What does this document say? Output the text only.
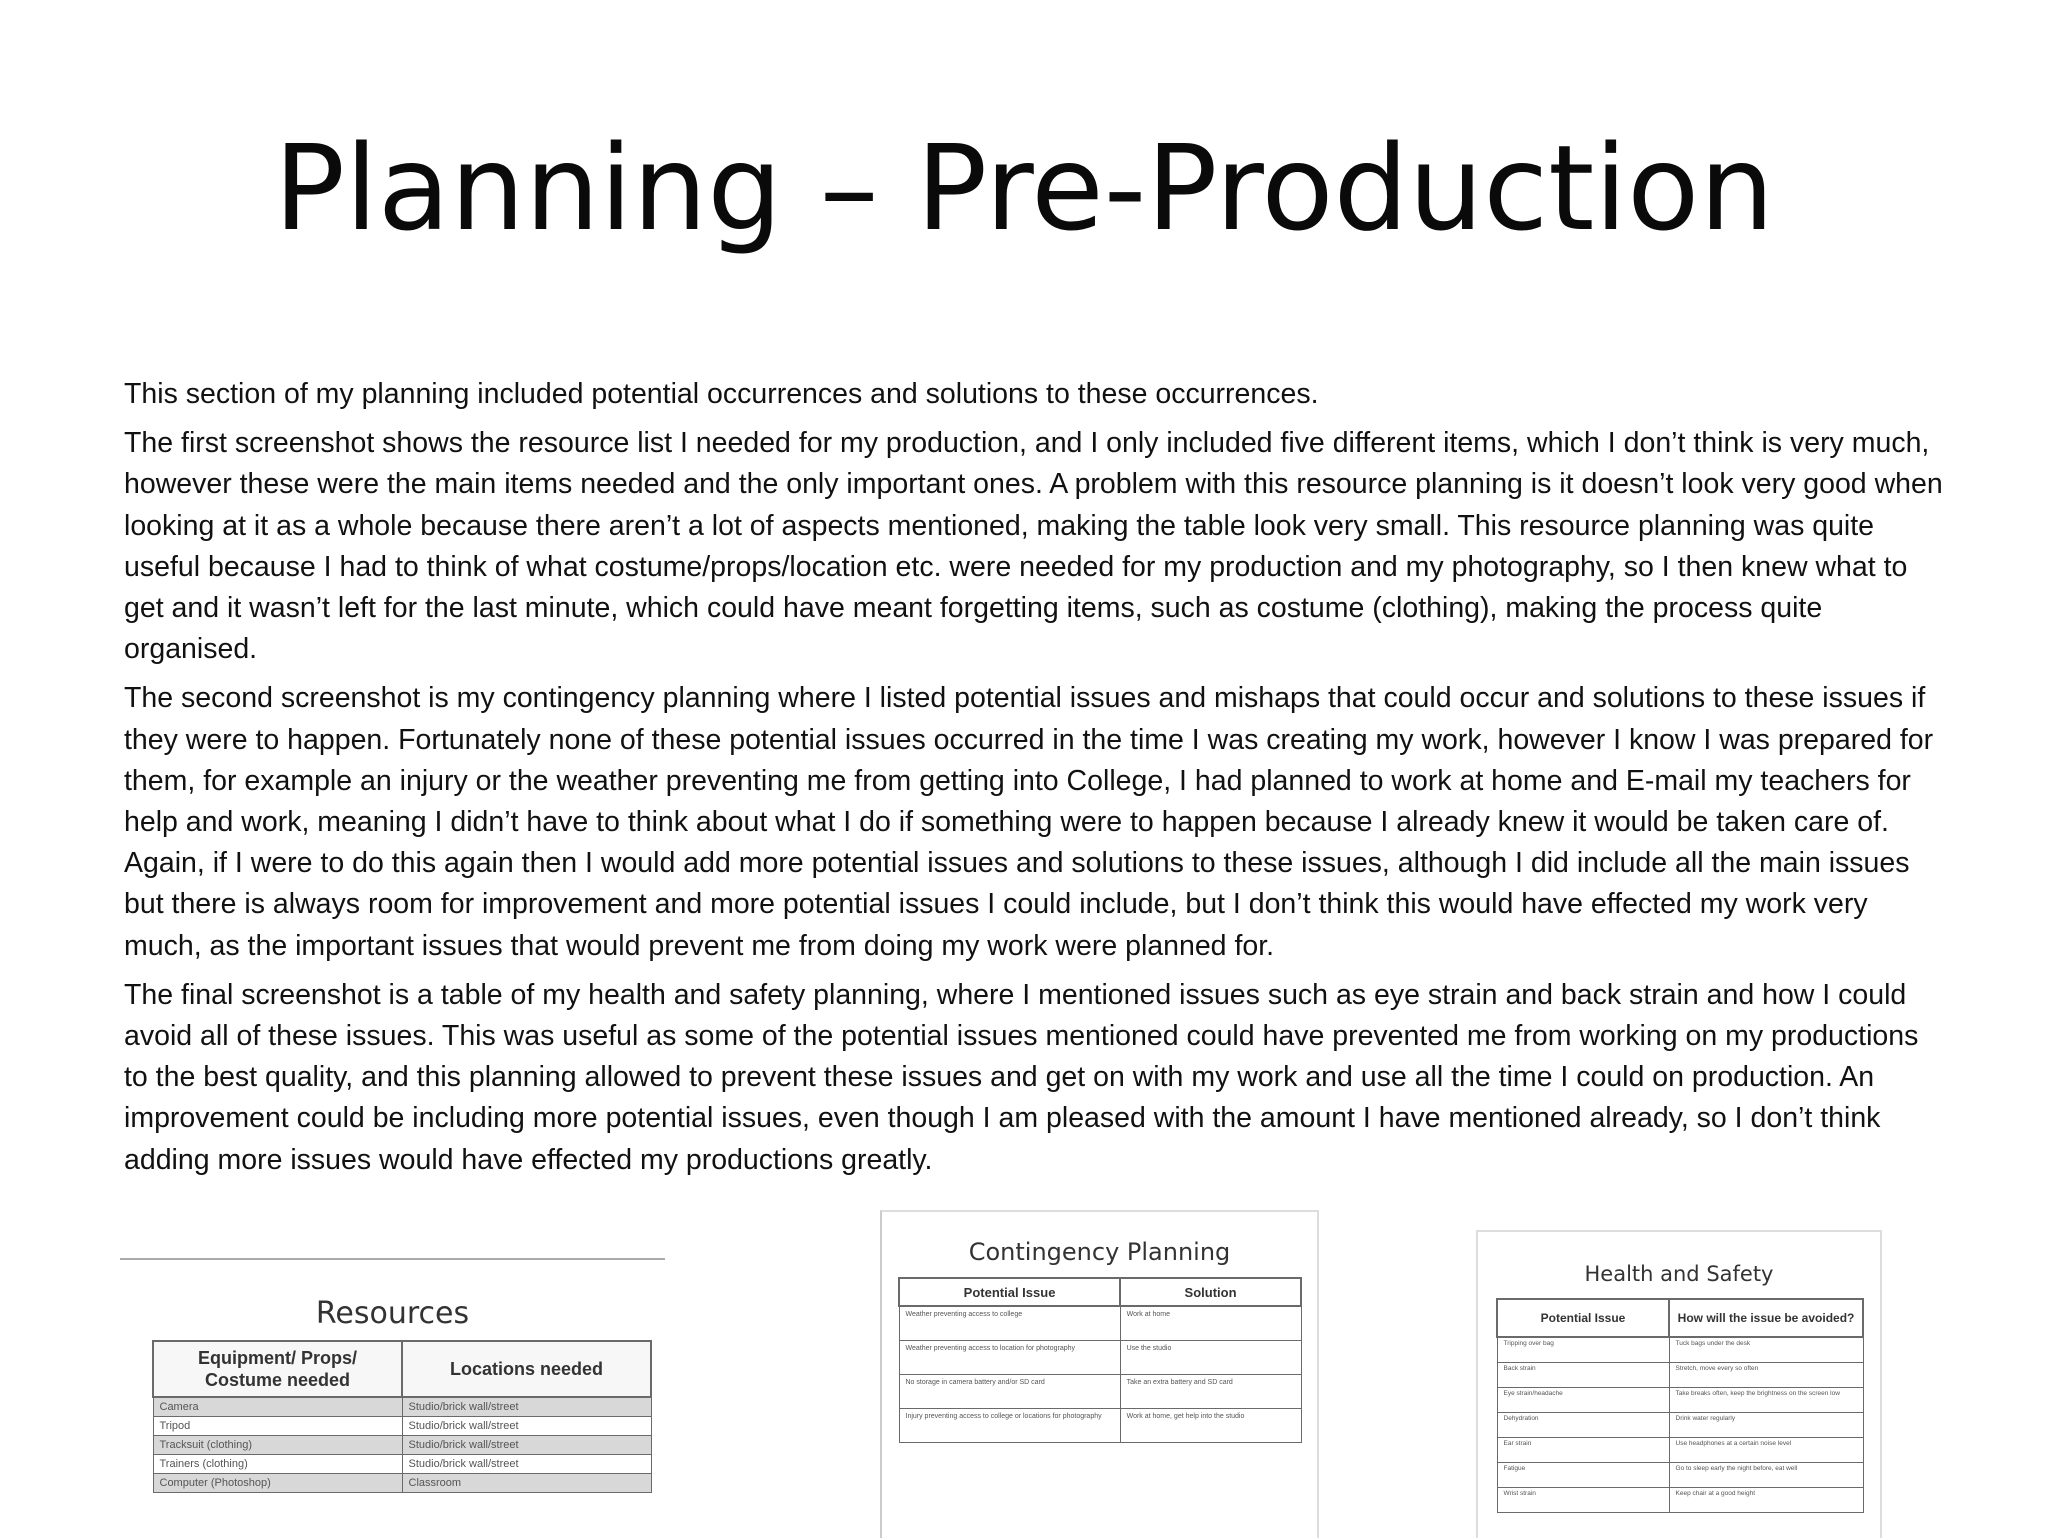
Planning – Pre-Production

This section of my planning included potential occurrences and solutions to these occurrences.

The first screenshot shows the resource list I needed for my production, and I only included five different items, which I don’t think is very much, however these were the main items needed and the only important ones. A problem with this resource planning is it doesn’t look very good when looking at it as a whole because there aren’t a lot of aspects mentioned, making the table look very small. This resource planning was quite useful because I had to think of what costume/props/location etc. were needed for my production and my photography, so I then knew what to get and it wasn’t left for the last minute, which could have meant forgetting items, such as costume (clothing), making the process quite organised.

The second screenshot is my contingency planning where I listed potential issues and mishaps that could occur and solutions to these issues if they were to happen. Fortunately none of these potential issues occurred in the time I was creating my work, however I know I was prepared for them, for example an injury or the weather preventing me from getting into College, I had planned to work at home and E-mail my teachers for help and work, meaning I didn’t have to think about what I do if something were to happen because I already knew it would be taken care of. Again, if I were to do this again then I would add more potential issues and solutions to these issues, although I did include all the main issues but there is always room for improvement and more potential issues I could include, but I don’t think this would have effected my work very much, as the important issues that would prevent me from doing my work were planned for.

The final screenshot is a table of my health and safety planning, where I mentioned issues such as eye strain and back strain and how I could avoid all of these issues. This was useful as some of the potential issues mentioned could have prevented me from working on my productions to the best quality, and this planning allowed to prevent these issues and get on with my work and use all the time I could on production. An improvement could be including more potential issues, even though I am pleased with the amount I have mentioned already, so I don’t think adding more issues would have effected my productions greatly.

Resources
Equipment/ Props/ Costume needed	Locations needed
Camera	Studio/brick wall/street
Tripod	Studio/brick wall/street
Tracksuit (clothing)	Studio/brick wall/street
Trainers (clothing)	Studio/brick wall/street
Computer (Photoshop)	Classroom
Contingency Planning
Potential Issue	Solution
Weather preventing access to college	Work at home
Weather preventing access to location for photography	Use the studio
No storage in camera battery and/or SD card	Take an extra battery and SD card
Injury preventing access to college or locations for photography	Work at home, get help into the studio
Health and Safety
Potential Issue	How will the issue be avoided?
Tripping over bag	Tuck bags under the desk
Back strain	Stretch, move every so often
Eye strain/headache	Take breaks often, keep the brightness on the screen low
Dehydration	Drink water regularly
Ear strain	Use headphones at a certain noise level
Fatigue	Go to sleep early the night before, eat well
Wrist strain	Keep chair at a good height
